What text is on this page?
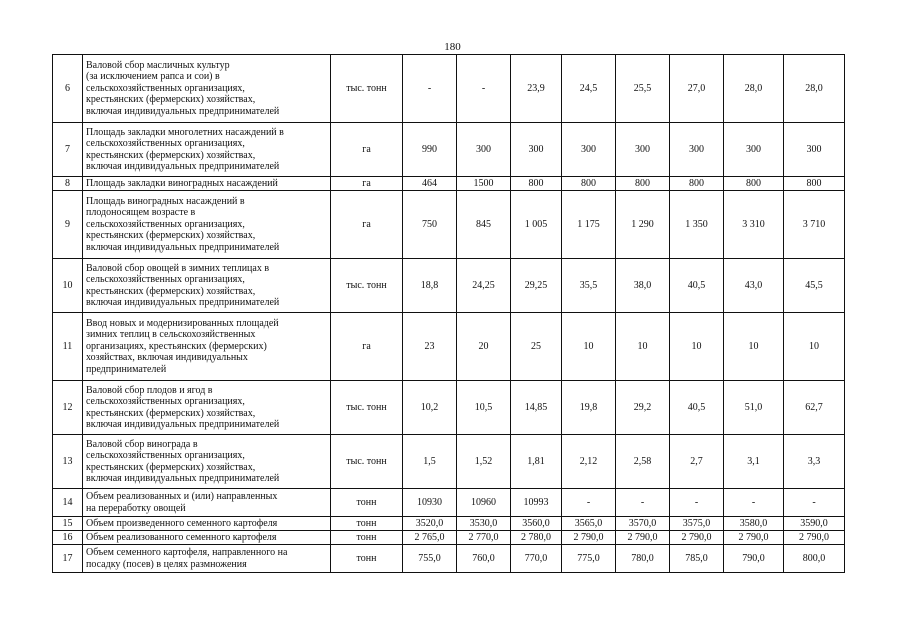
180
6	Валовой сбор масличных культур
(за исключением рапса и сои) в
сельскохозяйственных организациях,
крестьянских (фермерских) хозяйствах,
включая индивидуальных предпринимателей	тыс. тонн	-	-	23,9	24,5	25,5	27,0	28,0	28,0
7	Площадь закладки многолетних насаждений в
сельскохозяйственных организациях,
крестьянских (фермерских) хозяйствах,
включая индивидуальных предпринимателей	га	990	300	300	300	300	300	300	300
8	Площадь закладки виноградных насаждений	га	464	1500	800	800	800	800	800	800
9	Площадь виноградных насаждений в
плодоносящем возрасте в
сельскохозяйственных организациях,
крестьянских (фермерских) хозяйствах,
включая индивидуальных предпринимателей	га	750	845	1 005	1 175	1 290	1 350	3 310	3 710
10	Валовой сбор овощей в зимних теплицах в
сельскохозяйственных организациях,
крестьянских (фермерских) хозяйствах,
включая индивидуальных предпринимателей	тыс. тонн	18,8	24,25	29,25	35,5	38,0	40,5	43,0	45,5
11	Ввод новых и модернизированных площадей
зимних теплиц в сельскохозяйственных
организациях, крестьянских (фермерских)
хозяйствах, включая индивидуальных
предпринимателей	га	23	20	25	10	10	10	10	10
12	Валовой сбор плодов и ягод в
сельскохозяйственных организациях,
крестьянских (фермерских) хозяйствах,
включая индивидуальных предпринимателей	тыс. тонн	10,2	10,5	14,85	19,8	29,2	40,5	51,0	62,7
13	Валовой сбор винограда в
сельскохозяйственных организациях,
крестьянских (фермерских) хозяйствах,
включая индивидуальных предпринимателей	тыс. тонн	1,5	1,52	1,81	2,12	2,58	2,7	3,1	3,3
14	Объем реализованных и (или) направленных
на переработку овощей	тонн	10930	10960	10993	-	-	-	-	-
15	Объем произведенного семенного картофеля	тонн	3520,0	3530,0	3560,0	3565,0	3570,0	3575,0	3580,0	3590,0
16	Объем реализованного семенного картофеля	тонн	2 765,0	2 770,0	2 780,0	2 790,0	2 790,0	2 790,0	2 790,0	2 790,0
17	Объем семенного картофеля, направленного на
посадку (посев) в целях размножения	тонн	755,0	760,0	770,0	775,0	780,0	785,0	790,0	800,0
